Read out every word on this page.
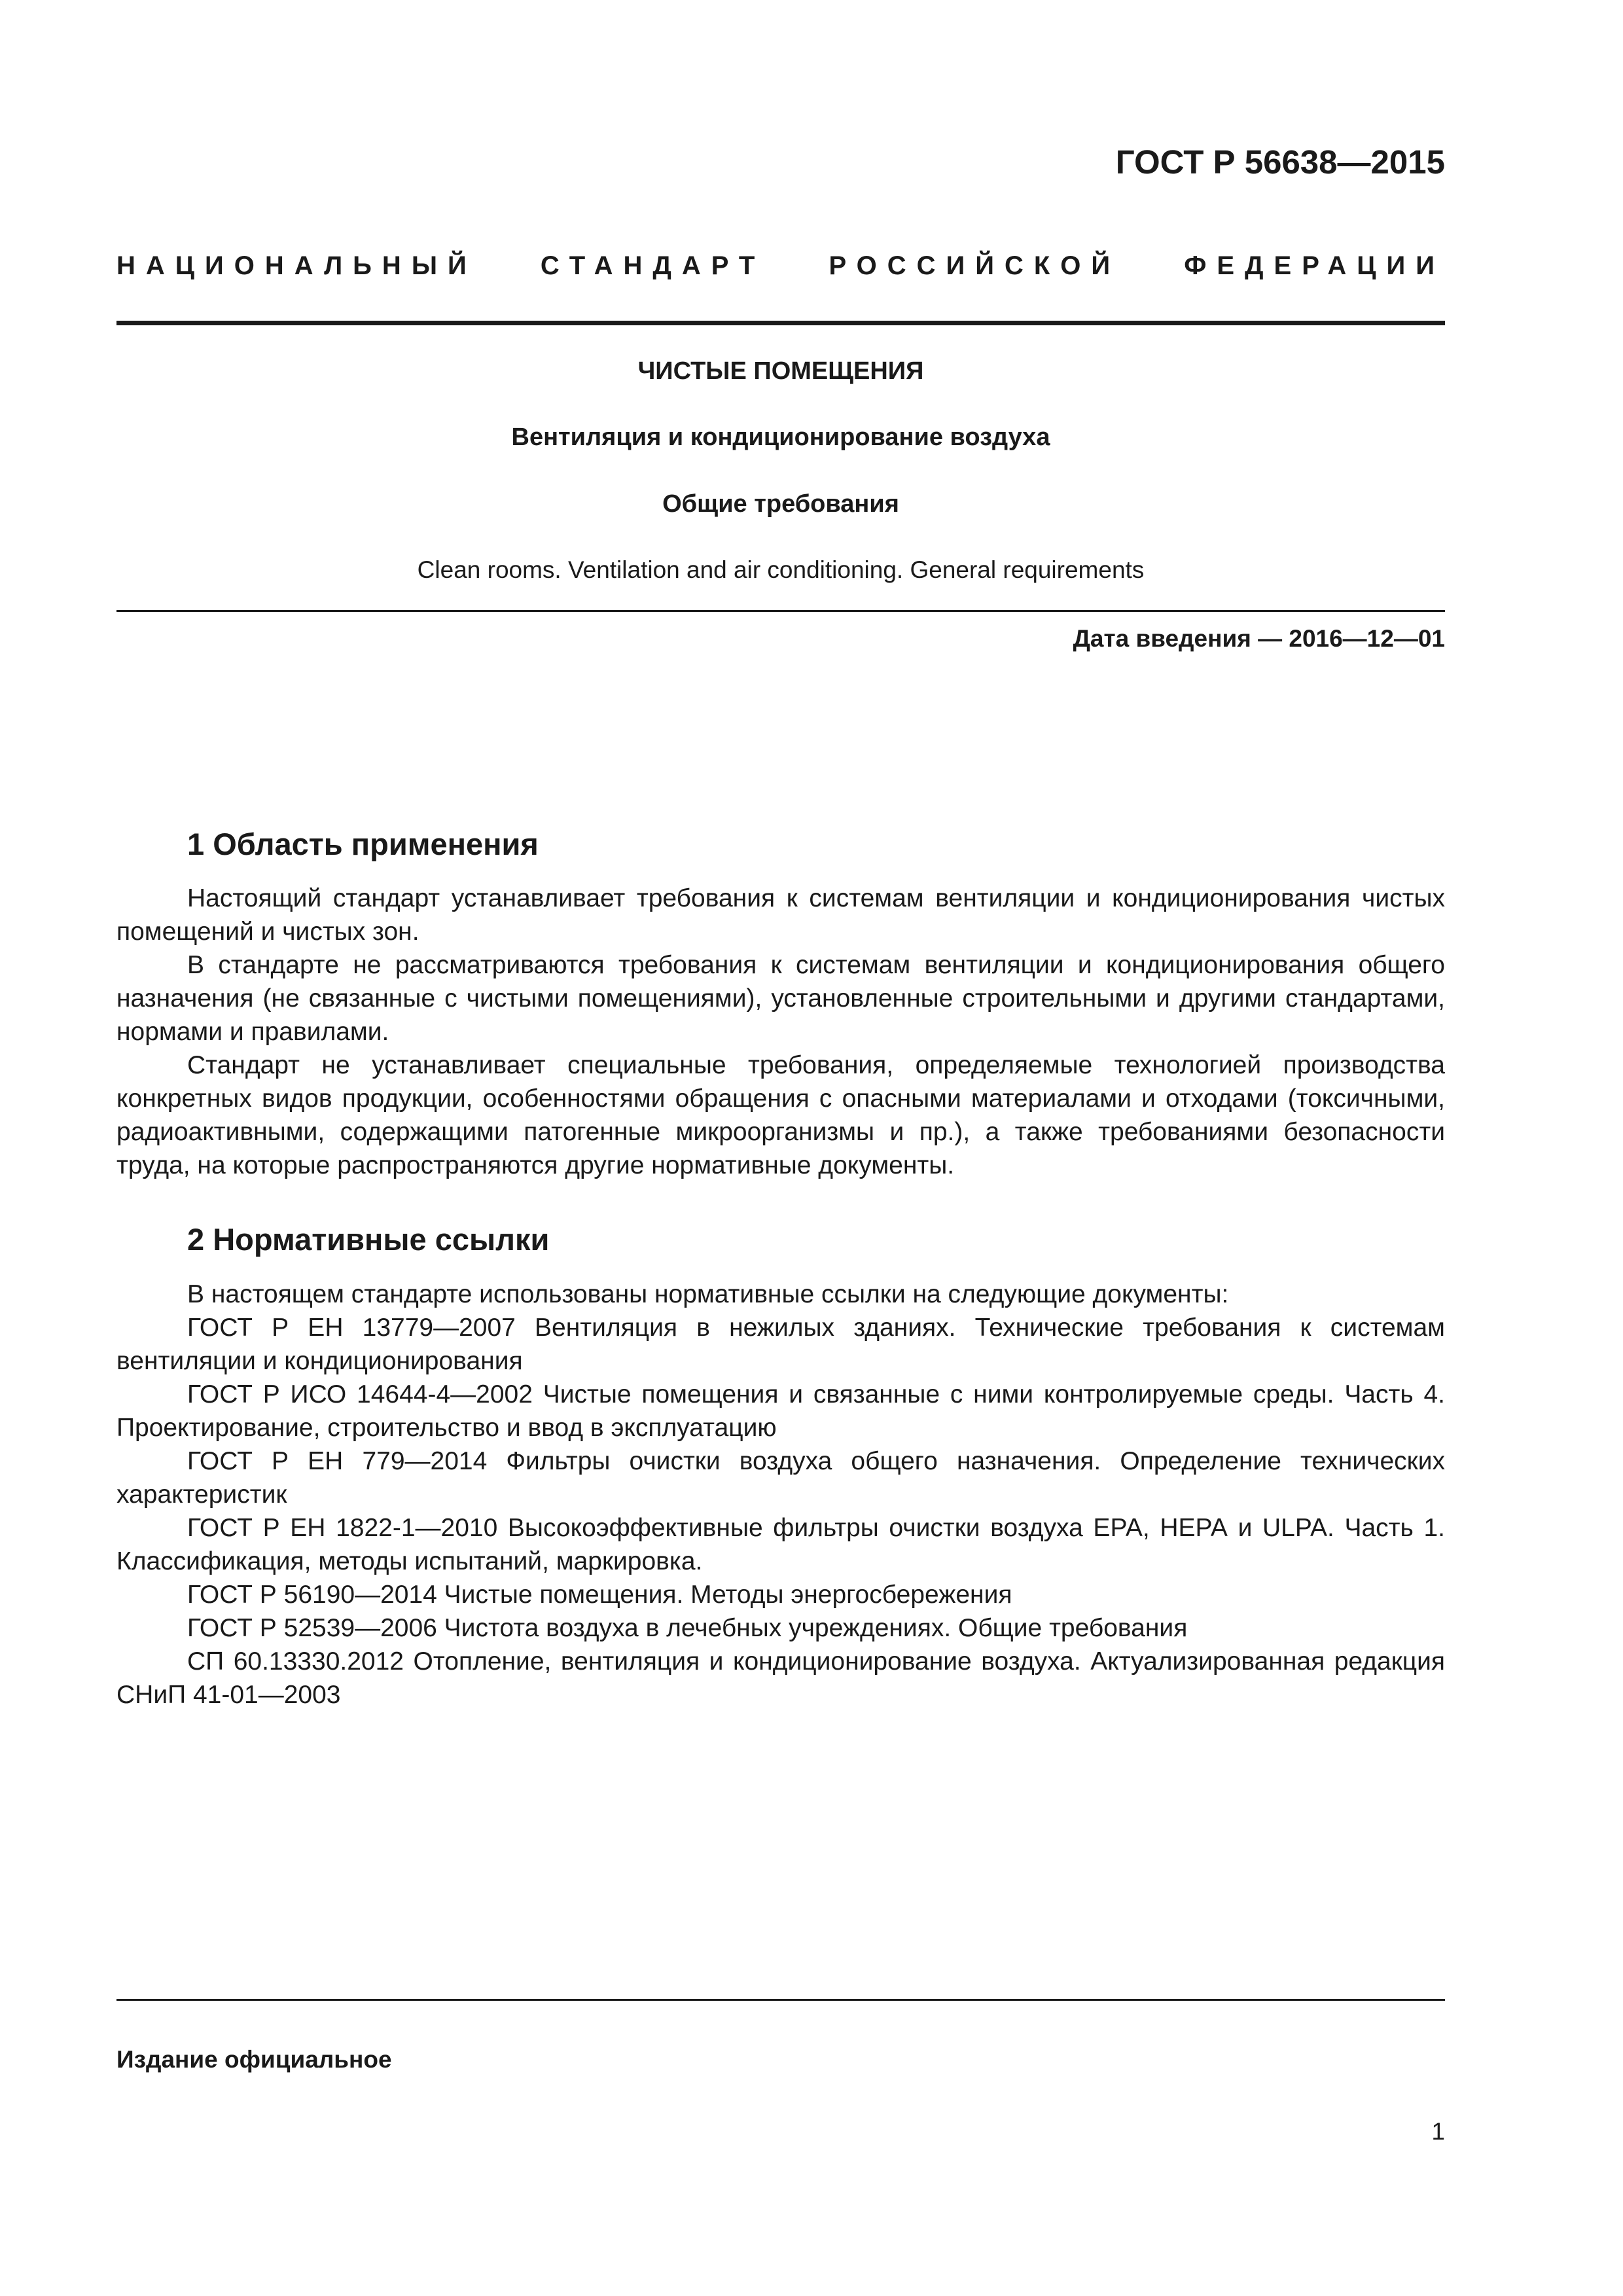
ГОСТ Р 56638—2015
НАЦИОНАЛЬНЫЙ СТАНДАРТ РОССИЙСКОЙ ФЕДЕРАЦИИ
ЧИСТЫЕ ПОМЕЩЕНИЯ
Вентиляция и кондиционирование воздуха
Общие требования
Clean rooms. Ventilation and air conditioning. General requirements
Дата введения — 2016—12—01
1 Область применения

Настоящий стандарт устанавливает требования к системам вентиляции и кондиционирования чистых помещений и чистых зон.

В стандарте не рассматриваются требования к системам вентиляции и кондиционирования общего назначения (не связанные с чистыми помещениями), установленные строительными и другими стандартами, нормами и правилами.

Стандарт не устанавливает специальные требования, определяемые технологией производства конкретных видов продукции, особенностями обращения с опасными материалами и отходами (токсичными, радиоактивными, содержащими патогенные микроорганизмы и пр.), а также требованиями безопасности труда, на которые распространяются другие нормативные документы.

2 Нормативные ссылки

В настоящем стандарте использованы нормативные ссылки на следующие документы:

ГОСТ Р ЕН 13779—2007 Вентиляция в нежилых зданиях. Технические требования к системам вентиляции и кондиционирования

ГОСТ Р ИСО 14644-4—2002 Чистые помещения и связанные с ними контролируемые среды. Часть 4. Проектирование, строительство и ввод в эксплуатацию

ГОСТ Р ЕН 779—2014 Фильтры очистки воздуха общего назначения. Определение технических характеристик

ГОСТ Р ЕН 1822-1—2010 Высокоэффективные фильтры очистки воздуха ЕРА, НЕРА и ULPA. Часть 1. Классификация, методы испытаний, маркировка.

ГОСТ Р 56190—2014 Чистые помещения. Методы энергосбережения

ГОСТ Р 52539—2006 Чистота воздуха в лечебных учреждениях. Общие требования

СП 60.13330.2012 Отопление, вентиляция и кондиционирование воздуха. Актуализированная редакция СНиП 41-01—2003

Издание официальное
1
